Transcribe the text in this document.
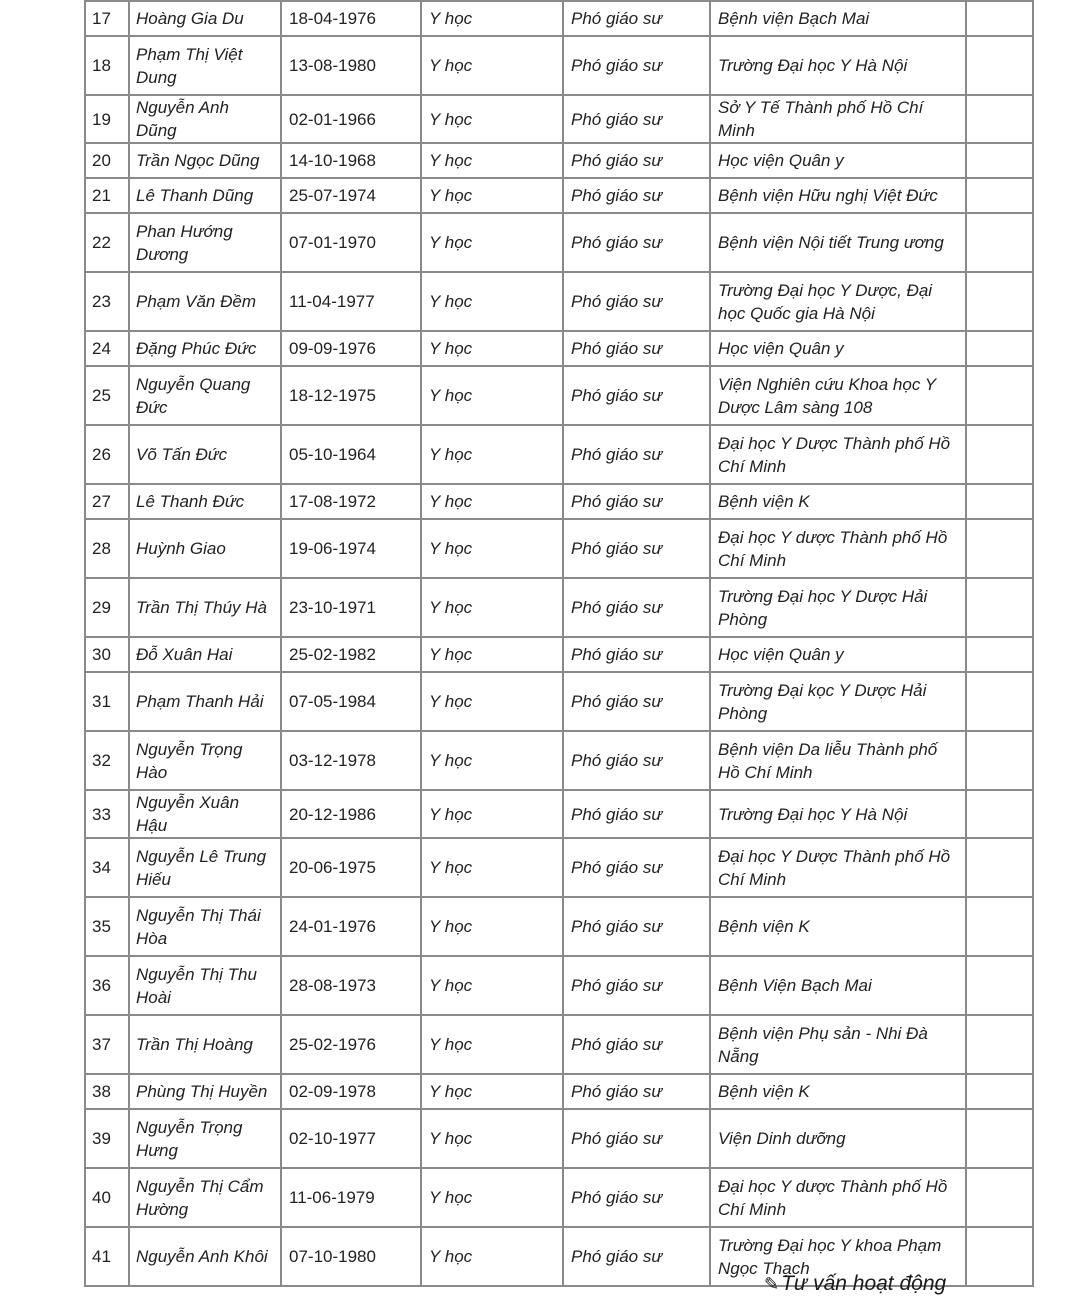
17	Hoàng Gia Du	18-04-1976	Y học	Phó giáo sư	Bệnh viện Bạch Mai	
18	Phạm Thị Việt Dung	13-08-1980	Y học	Phó giáo sư	Trường Đại học Y Hà Nội	
19	Nguyễn Anh Dũng	02-01-1966	Y học	Phó giáo sư	Sở Y Tế Thành phố Hồ Chí Minh	
20	Trần Ngọc Dũng	14-10-1968	Y học	Phó giáo sư	Học viện Quân y	
21	Lê Thanh Dũng	25-07-1974	Y học	Phó giáo sư	Bệnh viện Hữu nghị Việt Đức	
22	Phan Hướng Dương	07-01-1970	Y học	Phó giáo sư	Bệnh viện Nội tiết Trung ương	
23	Phạm Văn Đềm	11-04-1977	Y học	Phó giáo sư	Trường Đại học Y Dược, Đại học Quốc gia Hà Nội	
24	Đặng Phúc Đức	09-09-1976	Y học	Phó giáo sư	Học viện Quân y	
25	Nguyễn Quang Đức	18-12-1975	Y học	Phó giáo sư	Viện Nghiên cứu Khoa học Y Dược Lâm sàng 108	
26	Võ Tấn Đức	05-10-1964	Y học	Phó giáo sư	Đại học Y Dược Thành phố Hồ Chí Minh	
27	Lê Thanh Đức	17-08-1972	Y học	Phó giáo sư	Bệnh viện K	
28	Huỳnh Giao	19-06-1974	Y học	Phó giáo sư	Đại học Y dược Thành phố Hồ Chí Minh	
29	Trần Thị Thúy Hà	23-10-1971	Y học	Phó giáo sư	Trường Đại học Y Dược Hải Phòng	
30	Đỗ Xuân Hai	25-02-1982	Y học	Phó giáo sư	Học viện Quân y	
31	Phạm Thanh Hải	07-05-1984	Y học	Phó giáo sư	Trường Đại kọc Y Dược Hải Phòng	
32	Nguyễn Trọng Hào	03-12-1978	Y học	Phó giáo sư	Bệnh viện Da liễu Thành phố Hồ Chí Minh	
33	Nguyễn Xuân Hậu	20-12-1986	Y học	Phó giáo sư	Trường Đại học Y Hà Nội	
34	Nguyễn Lê Trung Hiếu	20-06-1975	Y học	Phó giáo sư	Đại học Y Dược Thành phố Hồ Chí Minh	
35	Nguyễn Thị Thái Hòa	24-01-1976	Y học	Phó giáo sư	Bệnh viện K	
36	Nguyễn Thị Thu Hoài	28-08-1973	Y học	Phó giáo sư	Bệnh Viện Bạch Mai	
37	Trần Thị Hoàng	25-02-1976	Y học	Phó giáo sư	Bệnh viện Phụ sản - Nhi Đà Nẵng	
38	Phùng Thị Huyền	02-09-1978	Y học	Phó giáo sư	Bệnh viện K	
39	Nguyễn Trọng Hưng	02-10-1977	Y học	Phó giáo sư	Viện Dinh dưỡng	
40	Nguyễn Thị Cẩm Hường	11-06-1979	Y học	Phó giáo sư	Đại học Y dược Thành phố Hồ Chí Minh	
41	Nguyễn Anh Khôi	07-10-1980	Y học	Phó giáo sư	Trường Đại học Y khoa Phạm Ngọc Thạch	
✎Tư vấn hoạt động
